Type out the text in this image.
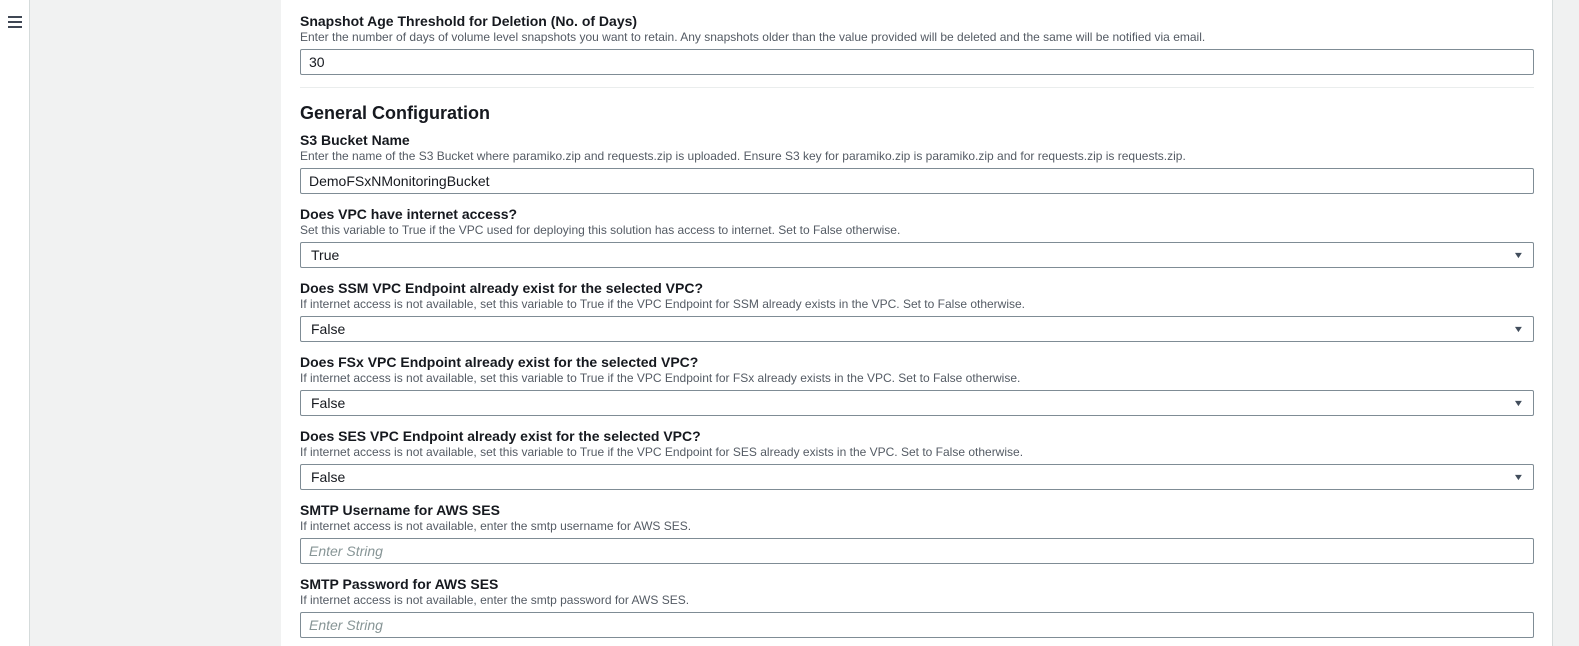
Snapshot Age Threshold for Deletion (No. of Days)
Enter the number of days of volume level snapshots you want to retain. Any snapshots older than the value provided will be deleted and the same will be notified via email.
30
General Configuration
S3 Bucket Name
Enter the name of the S3 Bucket where paramiko.zip and requests.zip is uploaded. Ensure S3 key for paramiko.zip is paramiko.zip and for requests.zip is requests.zip.
DemoFSxNMonitoringBucket
Does VPC have internet access?
Set this variable to True if the VPC used for deploying this solution has access to internet. Set to False otherwise.
True	▼
Does SSM VPC Endpoint already exist for the selected VPC?
If internet access is not available, set this variable to True if the VPC Endpoint for SSM already exists in the VPC. Set to False otherwise.
False	▼
Does FSx VPC Endpoint already exist for the selected VPC?
If internet access is not available, set this variable to True if the VPC Endpoint for FSx already exists in the VPC. Set to False otherwise.
False	▼
Does SES VPC Endpoint already exist for the selected VPC?
If internet access is not available, set this variable to True if the VPC Endpoint for SES already exists in the VPC. Set to False otherwise.
False	▼
SMTP Username for AWS SES
If internet access is not available, enter the smtp username for AWS SES.
Enter String
SMTP Password for AWS SES
If internet access is not available, enter the smtp password for AWS SES.
Enter String
